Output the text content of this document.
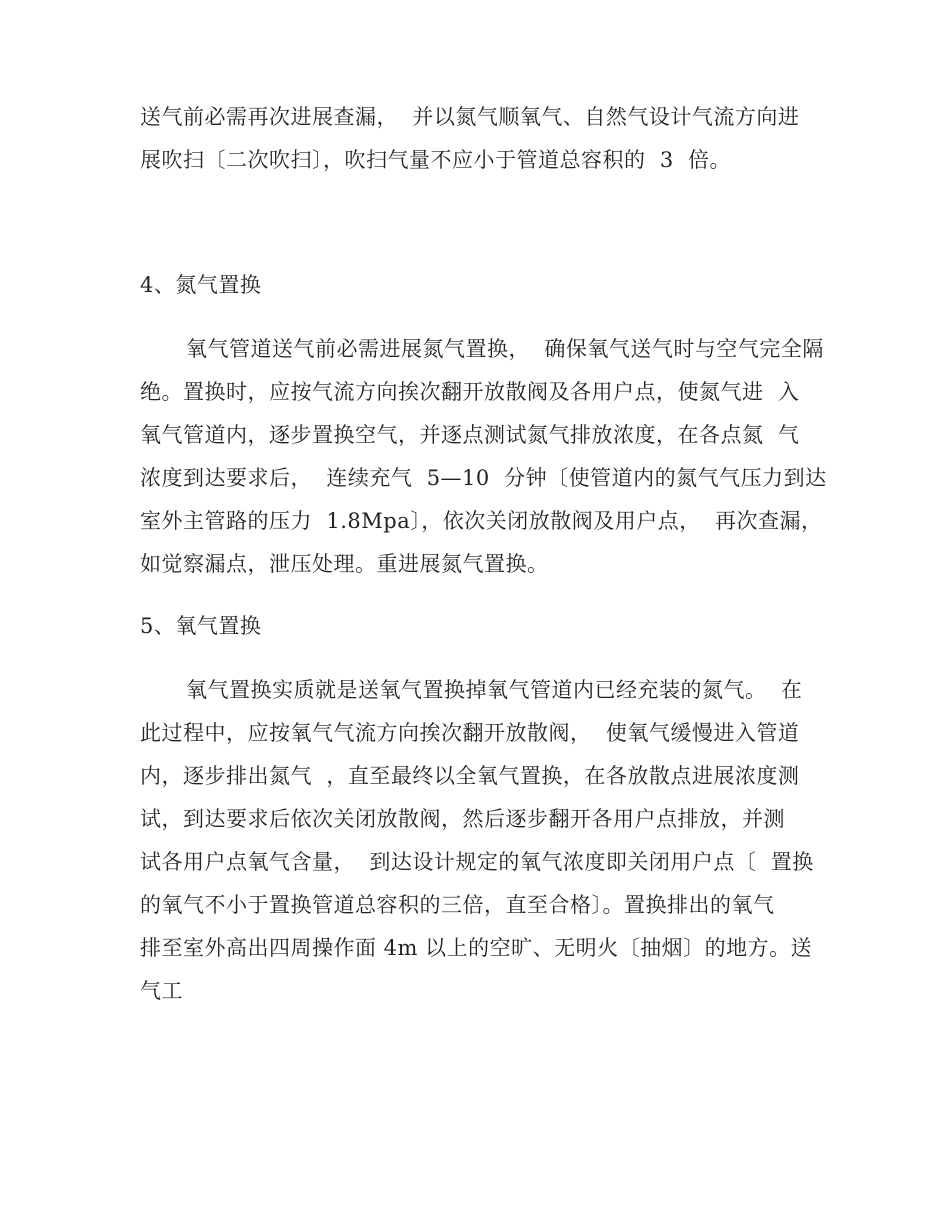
送气前必需再次进展查漏，  并以氮气顺氧气、自然气设计气流方向进
展吹扫〔二次吹扫〕，吹扫气量不应小于管道总容积的  3  倍。
4、氮气置换
氧气管道送气前必需进展氮气置换，  确保氧气送气时与空气完全隔
绝。置换时，应按气流方向挨次翻开放散阀及各用户点，使氮气进  入
氧气管道内，逐步置换空气，并逐点测试氮气排放浓度，在各点氮  气
浓度到达要求后，  连续充气  5—10  分钟〔使管道内的氮气气压力到达
室外主管路的压力  1.8Mpa〕，依次关闭放散阀及用户点，  再次查漏，
如觉察漏点，泄压处理。重进展氮气置换。
5、氧气置换
氧气置换实质就是送氧气置换掉氧气管道内已经充装的氮气。  在
此过程中，应按氧气气流方向挨次翻开放散阀，  使氧气缓慢进入管道
内，逐步排出氮气  ，直至最终以全氧气置换，在各放散点进展浓度测
试，到达要求后依次关闭放散阀，然后逐步翻开各用户点排放，并测
试各用户点氧气含量，  到达设计规定的氧气浓度即关闭用户点〔  置换
的氧气不小于置换管道总容积的三倍，直至合格〕。置换排出的氧气
排至室外高出四周操作面 4m 以上的空旷、无明火〔抽烟〕的地方。送
气工
